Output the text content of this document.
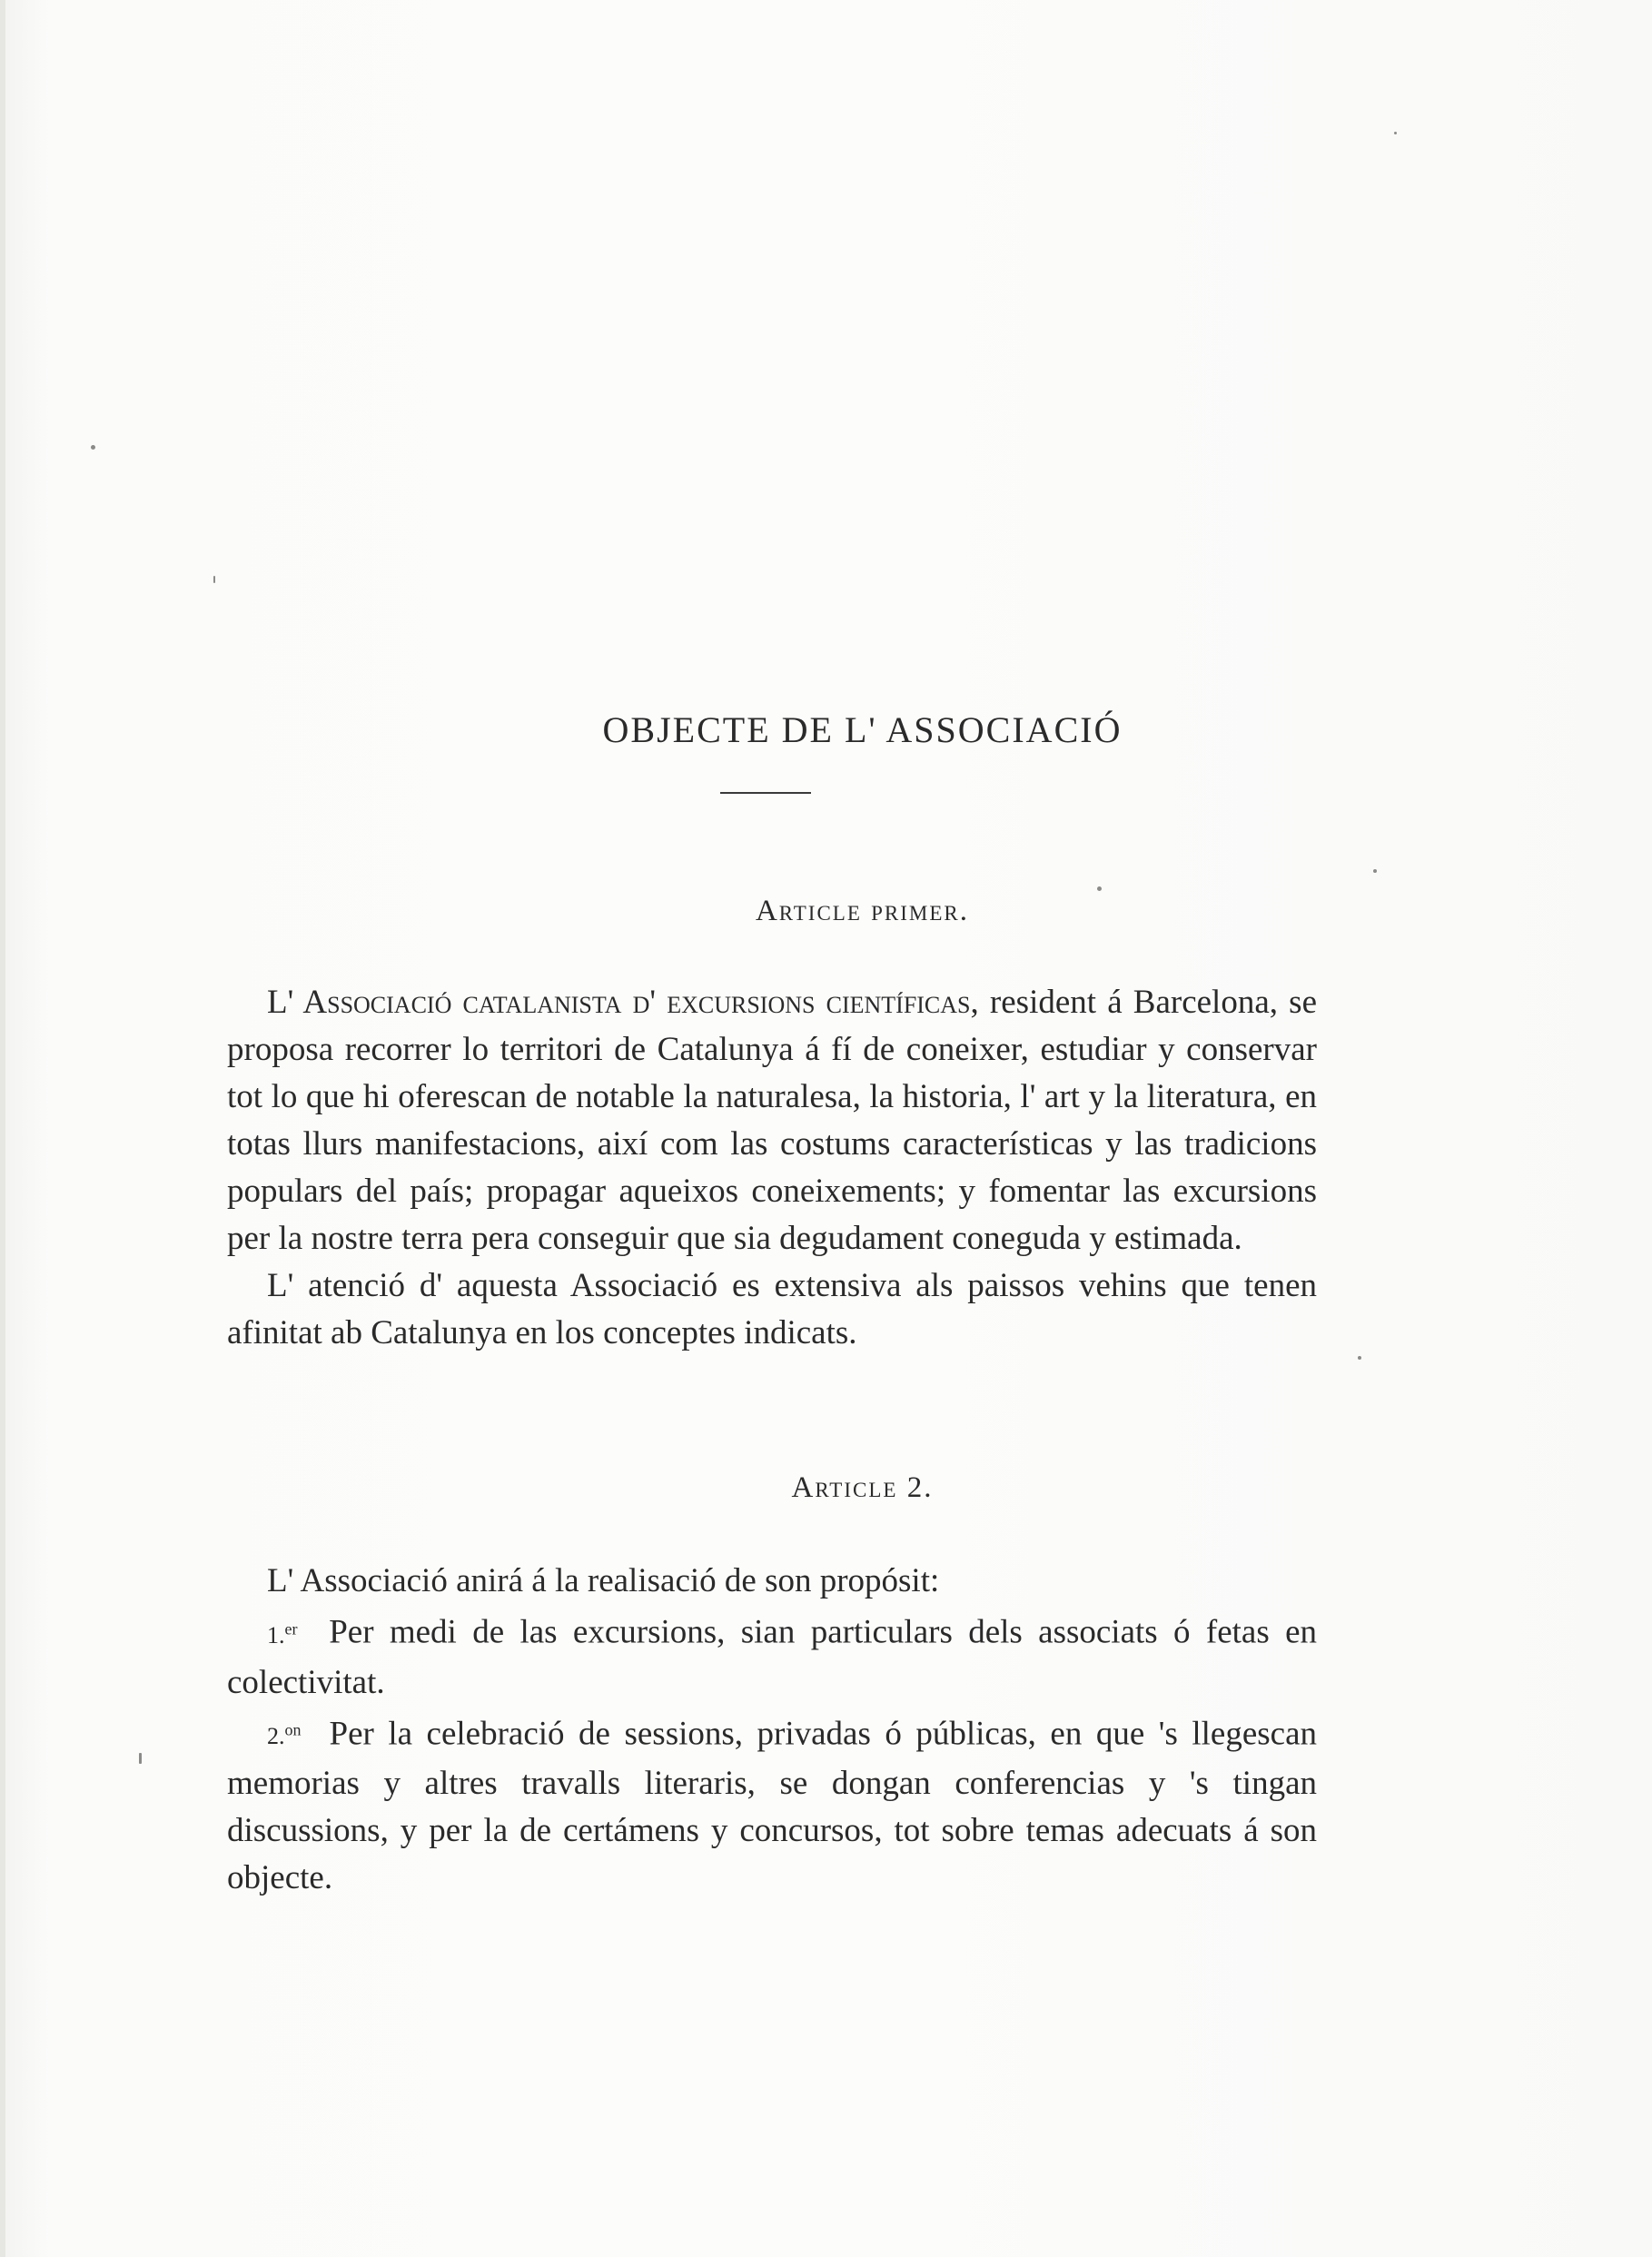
OBJECTE DE L' ASSOCIACIÓ
Article primer.

L' Associació catalanista d' excursions científicas, resident á Barcelona, se proposa recorrer lo territori de Catalunya á fí de coneixer, estudiar y conservar tot lo que hi oferescan de notable la naturalesa, la historia, l' art y la literatura, en totas llurs manifestacions, així com las costums características y las tradicions populars del país; propagar aqueixos coneixements; y fomentar las excursions per la nostre terra pera conseguir que sia degudament coneguda y estimada.

L' atenció d' aquesta Associació es extensiva als paissos vehins que tenen afinitat ab Catalunya en los conceptes indicats.

Article 2.

L' Associació anirá á la realisació de son propósit:

1.$^{er}$ Per medi de las excursions, sian particulars dels associats ó fetas en colectivitat.

2.$^{on}$ Per la celebració de sessions, privadas ó públicas, en que 's llegescan memorias y altres travalls literaris, se dongan conferencias y 's tingan discussions, y per la de certámens y concursos, tot sobre temas adecuats á son objecte.
